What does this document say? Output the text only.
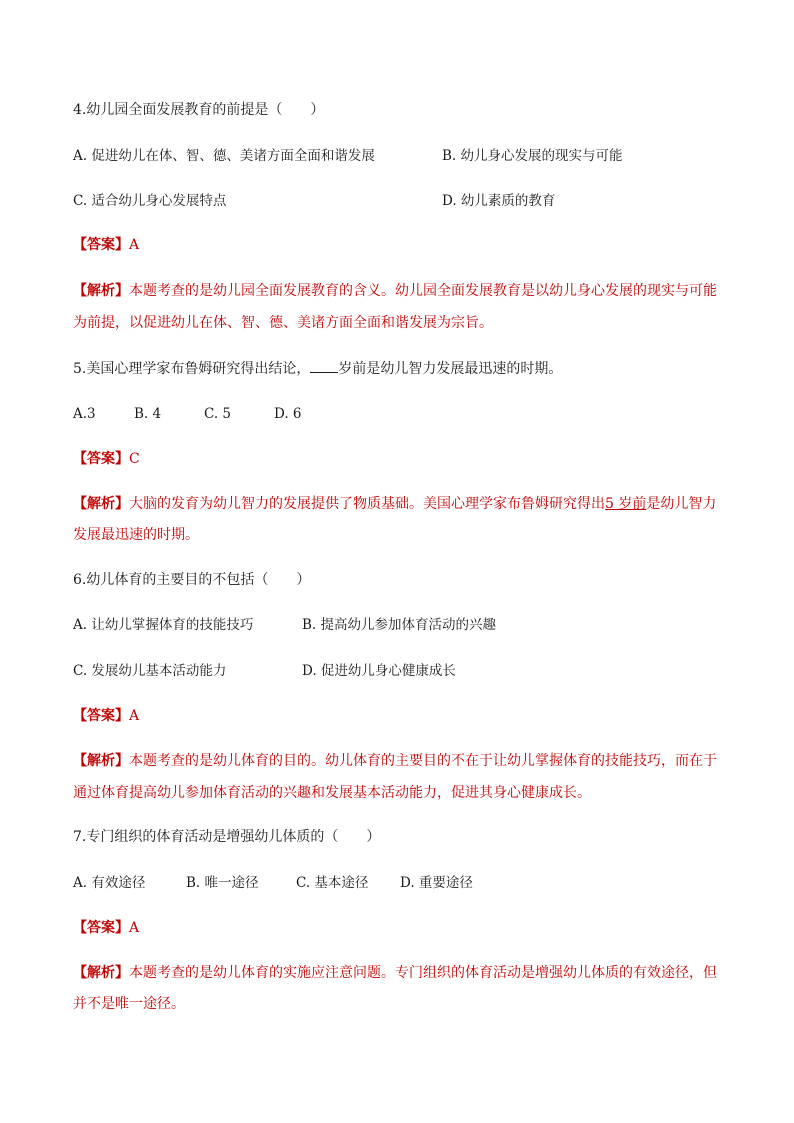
4.幼儿园全面发展教育的前提是（　　）
A. 促进幼儿在体、智、德、美诸方面全面和谐发展	B. 幼儿身心发展的现实与可能
C. 适合幼儿身心发展特点	D. 幼儿素质的教育
【答案】A
【解析】本题考查的是幼儿园全面发展教育的含义。幼儿园全面发展教育是以幼儿身心发展的现实与可能
为前提，以促进幼儿在体、智、德、美诸方面全面和谐发展为宗旨。
5.美国心理学家布鲁姆研究得出结论， 岁前是幼儿智力发展最迅速的时期。
A.3	B. 4	C. 5	D. 6
【答案】C
【解析】大脑的发育为幼儿智力的发展提供了物质基础。美国心理学家布鲁姆研究得出5 岁前是幼儿智力
发展最迅速的时期。
6.幼儿体育的主要目的不包括（　　）
A. 让幼儿掌握体育的技能技巧	B. 提高幼儿参加体育活动的兴趣
C. 发展幼儿基本活动能力	D. 促进幼儿身心健康成长
【答案】A
【解析】本题考查的是幼儿体育的目的。幼儿体育的主要目的不在于让幼儿掌握体育的技能技巧，而在于
通过体育提高幼儿参加体育活动的兴趣和发展基本活动能力，促进其身心健康成长。
7.专门组织的体育活动是增强幼儿体质的（　　）
A. 有效途径	B. 唯一途径	C. 基本途径 D. 重要途径
【答案】A
【解析】本题考查的是幼儿体育的实施应注意问题。专门组织的体育活动是增强幼儿体质的有效途径，但
并不是唯一途径。
